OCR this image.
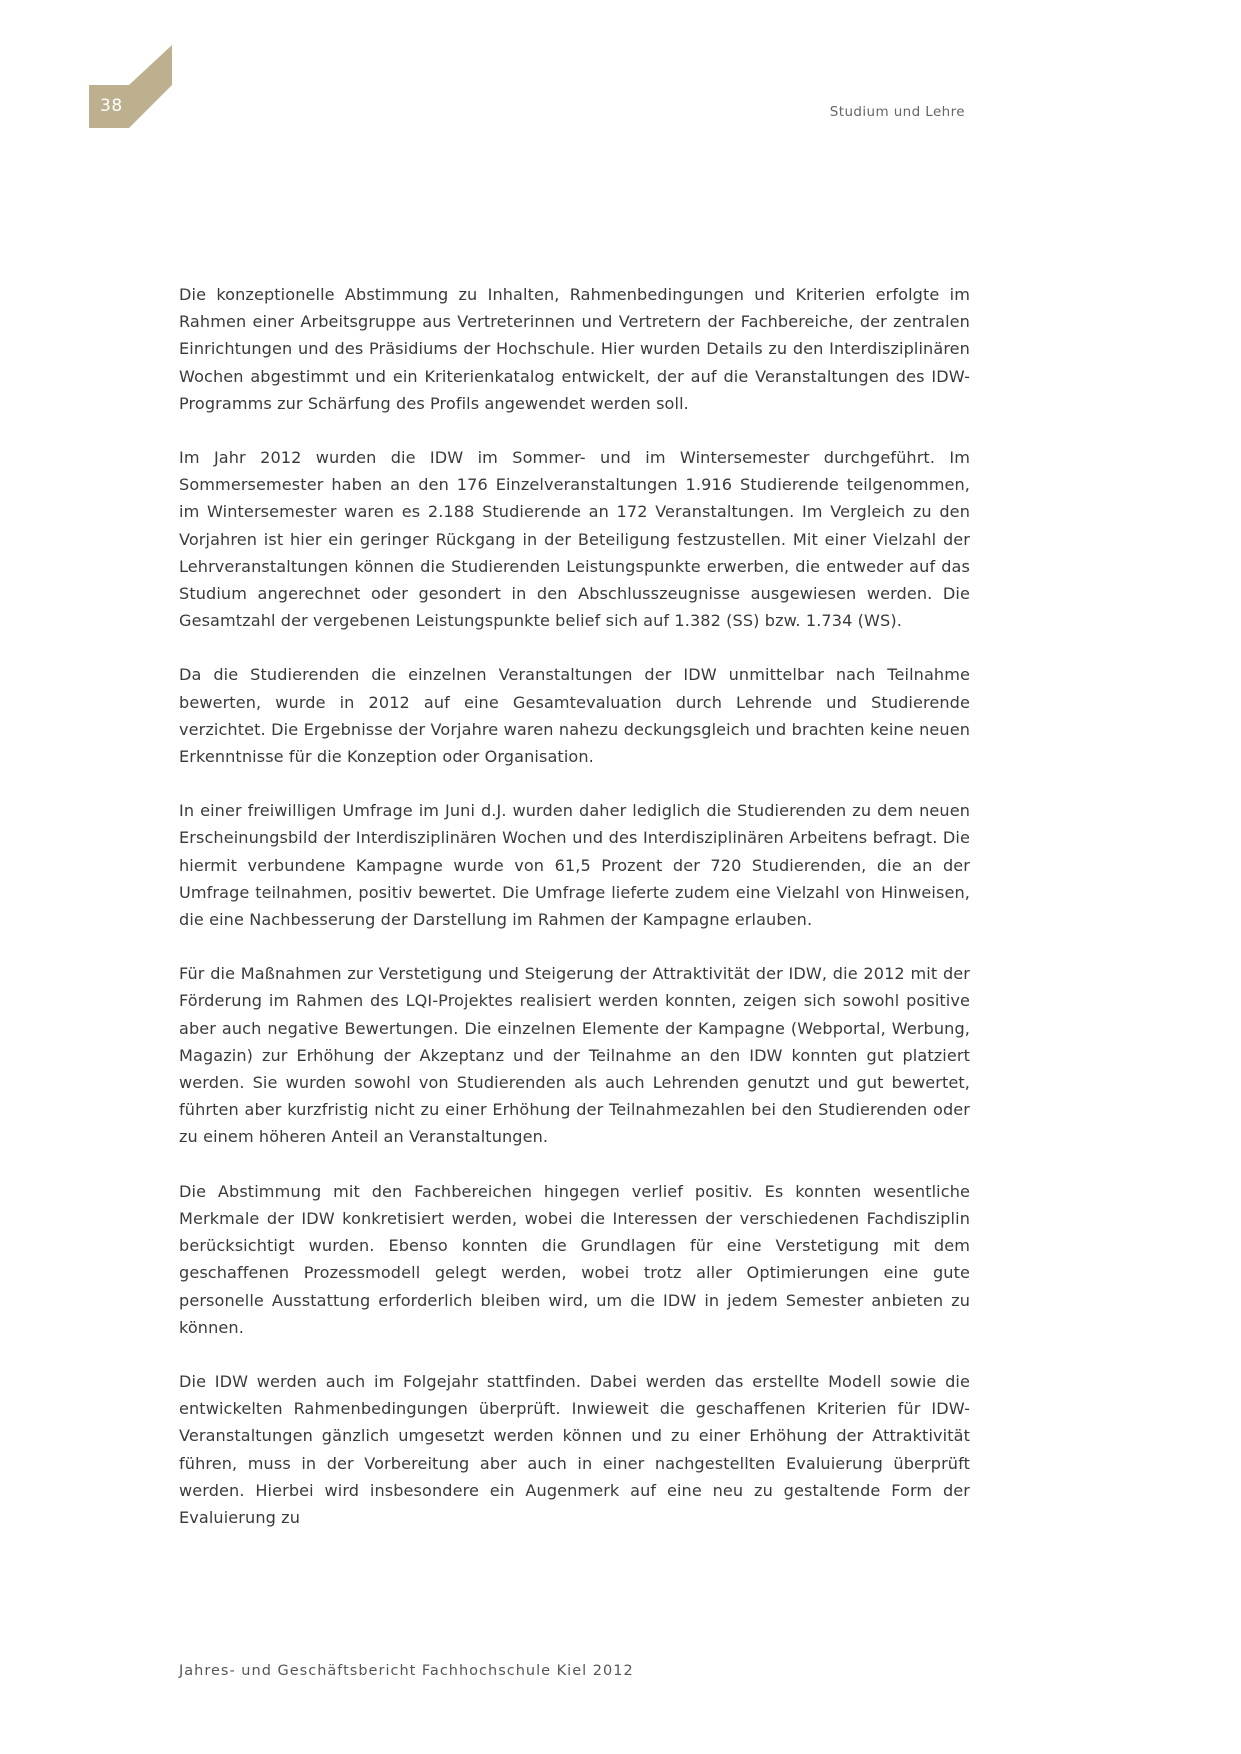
38	Studium und Lehre

Die konzeptionelle Abstimmung zu Inhalten, Rahmenbedingungen und Kriterien erfolgte im Rahmen einer Arbeitsgruppe aus Vertreterinnen und Vertretern der Fachbereiche, der zentralen Einrichtungen und des Präsidiums der Hochschule. Hier wurden Details zu den Interdisziplinären Wochen abgestimmt und ein Kriterienkatalog entwickelt, der auf die Veranstaltungen des IDW-Programms zur Schärfung des Profils angewendet werden soll.

Im Jahr 2012 wurden die IDW im Sommer- und im Wintersemester durchgeführt. Im Sommersemester haben an den 176 Einzelveranstaltungen 1.916 Studierende teilgenommen, im Wintersemester waren es 2.188 Studierende an 172 Veranstaltungen. Im Vergleich zu den Vorjahren ist hier ein geringer Rückgang in der Beteiligung festzustellen. Mit einer Vielzahl der Lehrveranstaltungen können die Studierenden Leistungspunkte erwerben, die entweder auf das Studium angerechnet oder gesondert in den Abschlusszeugnisse ausgewiesen werden. Die Gesamtzahl der vergebenen Leistungspunkte belief sich auf 1.382 (SS) bzw. 1.734 (WS).

Da die Studierenden die einzelnen Veranstaltungen der IDW unmittelbar nach Teilnahme bewerten, wurde in 2012 auf eine Gesamtevaluation durch Lehrende und Studierende verzichtet. Die Ergebnisse der Vorjahre waren nahezu deckungsgleich und brachten keine neuen Erkenntnisse für die Konzeption oder Organisation.

In einer freiwilligen Umfrage im Juni d.J. wurden daher lediglich die Studierenden zu dem neuen Erscheinungsbild der Interdisziplinären Wochen und des Interdisziplinären Arbeitens befragt. Die hiermit verbundene Kampagne wurde von 61,5 Prozent der 720 Studierenden, die an der Umfrage teilnahmen, positiv bewertet. Die Umfrage lieferte zudem eine Vielzahl von Hinweisen, die eine Nachbesserung der Darstellung im Rahmen der Kampagne erlauben.

Für die Maßnahmen zur Verstetigung und Steigerung der Attraktivität der IDW, die 2012 mit der Förderung im Rahmen des LQI-Projektes realisiert werden konnten, zeigen sich sowohl positive aber auch negative Bewertungen. Die einzelnen Elemente der Kampagne (Webportal, Werbung, Magazin) zur Erhöhung der Akzeptanz und der Teilnahme an den IDW konnten gut platziert werden. Sie wurden sowohl von Studierenden als auch Lehrenden genutzt und gut bewertet, führten aber kurzfristig nicht zu einer Erhöhung der Teilnahmezahlen bei den Studierenden oder zu einem höheren Anteil an Veranstaltungen.

Die Abstimmung mit den Fachbereichen hingegen verlief positiv. Es konnten wesentliche Merkmale der IDW konkretisiert werden, wobei die Interessen der verschiedenen Fachdisziplin berücksichtigt wurden. Ebenso konnten die Grundlagen für eine Verstetigung mit dem geschaffenen Prozessmodell gelegt werden, wobei trotz aller Optimierungen eine gute personelle Ausstattung erforderlich bleiben wird, um die IDW in jedem Semester anbieten zu können.

Die IDW werden auch im Folgejahr stattfinden. Dabei werden das erstellte Modell sowie die entwickelten Rahmenbedingungen überprüft. Inwieweit die geschaffenen Kriterien für IDW-Veranstaltungen gänzlich umgesetzt werden können und zu einer Erhöhung der Attraktivität führen, muss in der Vorbereitung aber auch in einer nachgestellten Evaluierung überprüft werden. Hierbei wird insbesondere ein Augenmerk auf eine neu zu gestaltende Form der Evaluierung zu

Jahres- und Geschäftsbericht Fachhochschule Kiel 2012
